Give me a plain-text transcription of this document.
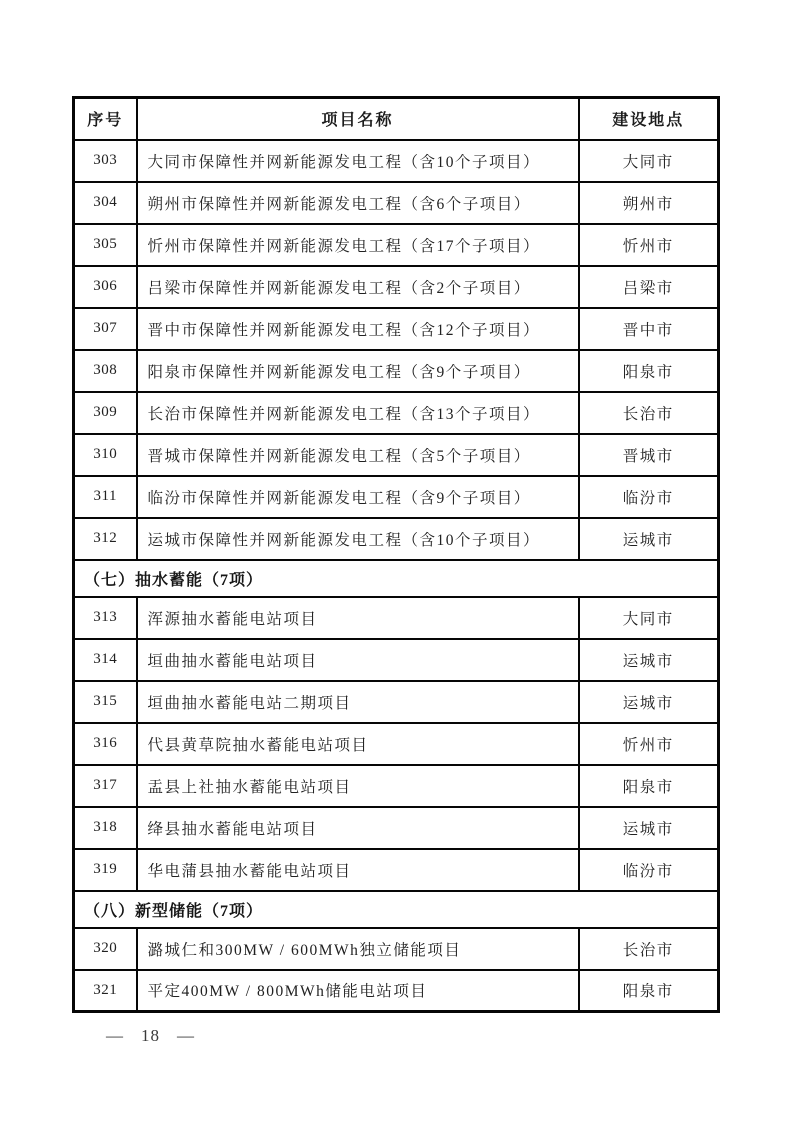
序号	项目名称	建设地点
303	大同市保障性并网新能源发电工程（含10个子项目）	大同市
304	朔州市保障性并网新能源发电工程（含6个子项目）	朔州市
305	忻州市保障性并网新能源发电工程（含17个子项目）	忻州市
306	吕梁市保障性并网新能源发电工程（含2个子项目）	吕梁市
307	晋中市保障性并网新能源发电工程（含12个子项目）	晋中市
308	阳泉市保障性并网新能源发电工程（含9个子项目）	阳泉市
309	长治市保障性并网新能源发电工程（含13个子项目）	长治市
310	晋城市保障性并网新能源发电工程（含5个子项目）	晋城市
311	临汾市保障性并网新能源发电工程（含9个子项目）	临汾市
312	运城市保障性并网新能源发电工程（含10个子项目）	运城市
（七）抽水蓄能（7项）		
313	浑源抽水蓄能电站项目	大同市
314	垣曲抽水蓄能电站项目	运城市
315	垣曲抽水蓄能电站二期项目	运城市
316	代县黄草院抽水蓄能电站项目	忻州市
317	盂县上社抽水蓄能电站项目	阳泉市
318	绛县抽水蓄能电站项目	运城市
319	华电蒲县抽水蓄能电站项目	临汾市
（八）新型储能（7项）		
320	潞城仁和300MW / 600MWh独立储能项目	长治市
321	平定400MW / 800MWh储能电站项目	阳泉市
— 18 —
